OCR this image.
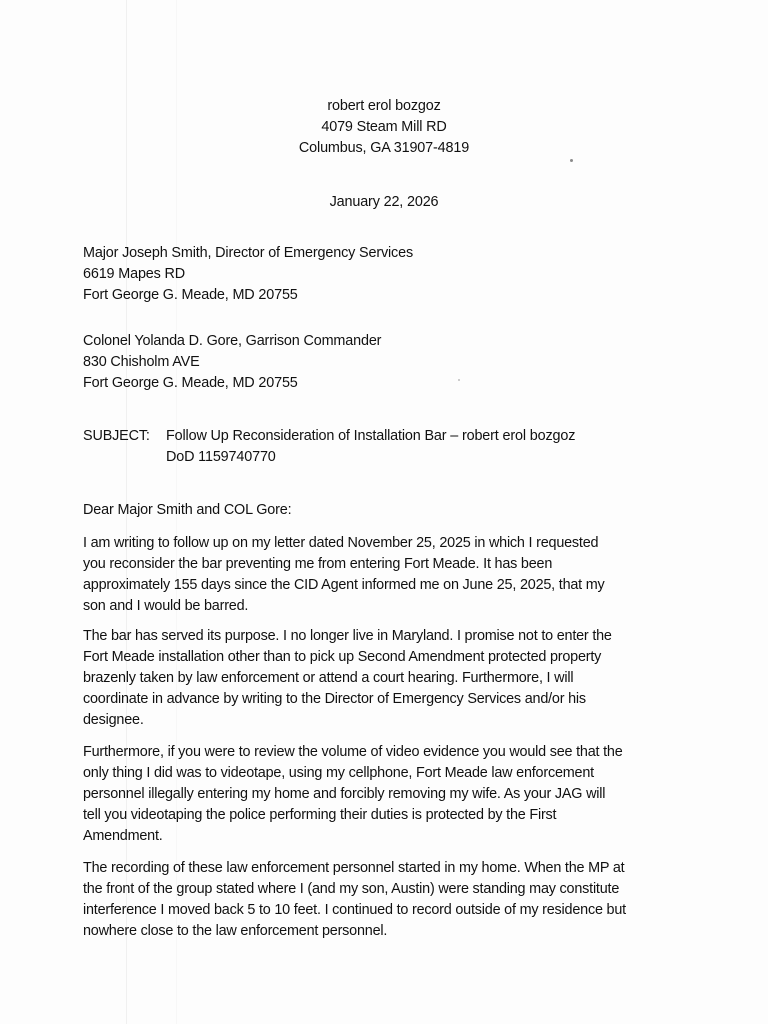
robert erol bozgoz
4079 Steam Mill RD
Columbus, GA 31907-4819
January 22, 2026
Major Joseph Smith, Director of Emergency Services
6619 Mapes RD
Fort George G. Meade, MD 20755
Colonel Yolanda D. Gore, Garrison Commander
830 Chisholm AVE
Fort George G. Meade, MD 20755
SUBJECT: Follow Up Reconsideration of Installation Bar – robert erol bozgoz
DoD 1159740770
Dear Major Smith and COL Gore:
I am writing to follow up on my letter dated November 25, 2025 in which I requested
you reconsider the bar preventing me from entering Fort Meade. It has been
approximately 155 days since the CID Agent informed me on June 25, 2025, that my
son and I would be barred.
The bar has served its purpose. I no longer live in Maryland. I promise not to enter the
Fort Meade installation other than to pick up Second Amendment protected property
brazenly taken by law enforcement or attend a court hearing. Furthermore, I will
coordinate in advance by writing to the Director of Emergency Services and/or his
designee.
Furthermore, if you were to review the volume of video evidence you would see that the
only thing I did was to videotape, using my cellphone, Fort Meade law enforcement
personnel illegally entering my home and forcibly removing my wife. As your JAG will
tell you videotaping the police performing their duties is protected by the First
Amendment.
The recording of these law enforcement personnel started in my home. When the MP at
the front of the group stated where I (and my son, Austin) were standing may constitute
interference I moved back 5 to 10 feet. I continued to record outside of my residence but
nowhere close to the law enforcement personnel.
